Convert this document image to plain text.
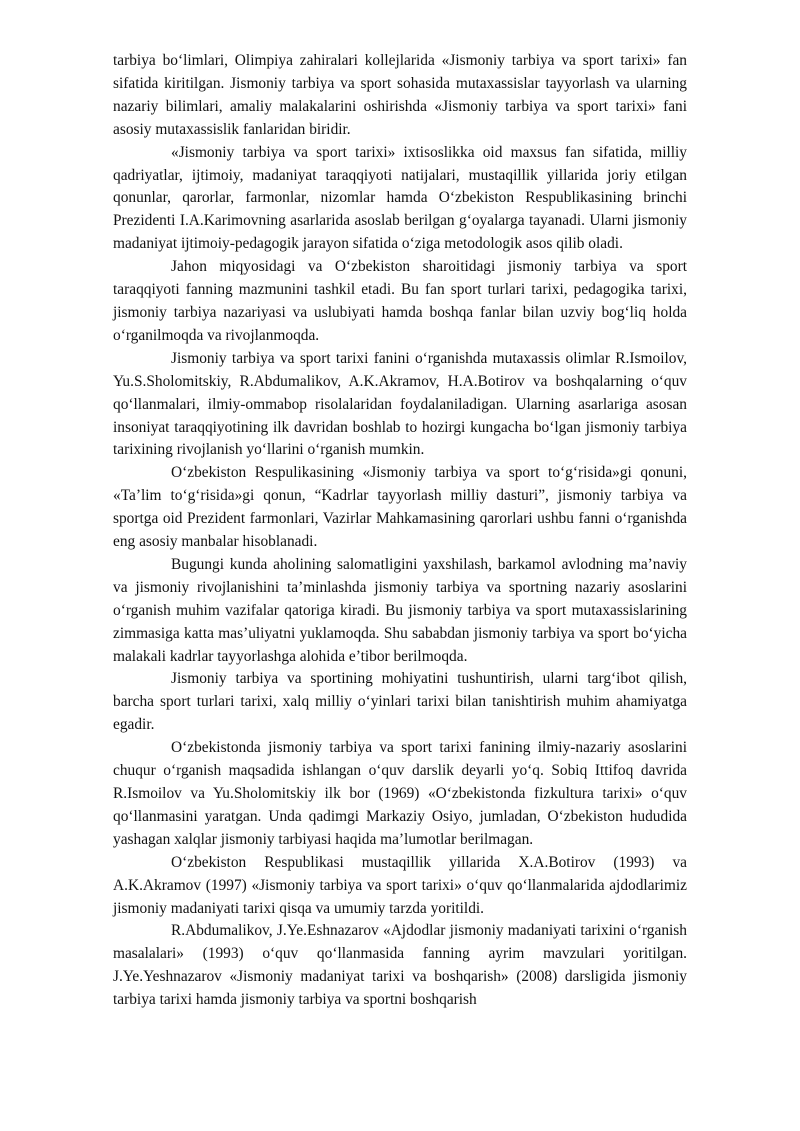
tarbiya bo‘limlari, Olimpiya zahiralari kollejlarida «Jismoniy tarbiya va sport tarixi» fan sifatida kiritilgan. Jismoniy tarbiya va sport sohasida mutaxassislar tayyorlash va ularning nazariy bilimlari, amaliy malakalarini oshirishda «Jismoniy tarbiya va sport tarixi» fani asosiy mutaxassislik fanlaridan biridir.

«Jismoniy tarbiya va sport tarixi» ixtisoslikka oid maxsus fan sifatida, milliy qadriyatlar, ijtimoiy, madaniyat taraqqiyoti natijalari, mustaqillik yillarida joriy etilgan qonunlar, qarorlar, farmonlar, nizomlar hamda O‘zbekiston Respublikasining brinchi Prezidenti I.A.Karimovning asarlarida asoslab berilgan g‘oyalarga tayanadi. Ularni jismoniy madaniyat ijtimoiy-pedagogik jarayon sifatida o‘ziga metodologik asos qilib oladi.

Jahon miqyosidagi va O‘zbekiston sharoitidagi jismoniy tarbiya va sport taraqqiyoti fanning mazmunini tashkil etadi. Bu fan sport turlari tarixi, pedagogika tarixi, jismoniy tarbiya nazariyasi va uslubiyati hamda boshqa fanlar bilan uzviy bog‘liq holda o‘rganilmoqda va rivojlanmoqda.

Jismoniy tarbiya va sport tarixi fanini o‘rganishda mutaxassis olimlar R.Ismoilov, Yu.S.Sholomitskiy, R.Abdumalikov, A.K.Akramov, H.A.Botirov va boshqalarning o‘quv qo‘llanmalari, ilmiy-ommabop risolalaridan foydalaniladigan. Ularning asarlariga asosan insoniyat taraqqiyotining ilk davridan boshlab to hozirgi kungacha bo‘lgan jismoniy tarbiya tarixining rivojlanish yo‘llarini o‘rganish mumkin.

O‘zbekiston Respulikasining «Jismoniy tarbiya va sport to‘g‘risida»gi qonuni, «Ta’lim to‘g‘risida»gi qonun, “Kadrlar tayyorlash milliy dasturi”, jismoniy tarbiya va sportga oid Prezident farmonlari, Vazirlar Mahkamasining qarorlari ushbu fanni o‘rganishda eng asosiy manbalar hisoblanadi.

Bugungi kunda aholining salomatligini yaxshilash, barkamol avlodning ma’naviy va jismoniy rivojlanishini ta’minlashda jismoniy tarbiya va sportning nazariy asoslarini o‘rganish muhim vazifalar qatoriga kiradi. Bu jismoniy tarbiya va sport mutaxassislarining zimmasiga katta mas’uliyatni yuklamoqda. Shu sababdan jismoniy tarbiya va sport bo‘yicha malakali kadrlar tayyorlashga alohida e’tibor berilmoqda.

Jismoniy tarbiya va sportining mohiyatini tushuntirish, ularni targ‘ibot qilish, barcha sport turlari tarixi, xalq milliy o‘yinlari tarixi bilan tanishtirish muhim ahamiyatga egadir.

O‘zbekistonda jismoniy tarbiya va sport tarixi fanining ilmiy-nazariy asoslarini chuqur o‘rganish maqsadida ishlangan o‘quv darslik deyarli yo‘q. Sobiq Ittifoq davrida R.Ismoilov va Yu.Sholomitskiy ilk bor (1969) «O‘zbekistonda fizkultura tarixi» o‘quv qo‘llanmasini yaratgan. Unda qadimgi Markaziy Osiyo, jumladan, O‘zbekiston hududida yashagan xalqlar jismoniy tarbiyasi haqida ma’lumotlar berilmagan.

O‘zbekiston Respublikasi mustaqillik yillarida X.A.Botirov (1993) va A.K.Akramov (1997) «Jismoniy tarbiya va sport tarixi» o‘quv qo‘llanmalarida ajdodlarimiz jismoniy madaniyati tarixi qisqa va umumiy tarzda yoritildi.

R.Abdumalikov, J.Ye.Eshnazarov «Ajdodlar jismoniy madaniyati tarixini o‘rganish masalalari» (1993) o‘quv qo‘llanmasida fanning ayrim mavzulari yoritilgan. J.Ye.Yeshnazarov «Jismoniy madaniyat tarixi va boshqarish» (2008) darsligida jismoniy tarbiya tarixi hamda jismoniy tarbiya va sportni boshqarish
